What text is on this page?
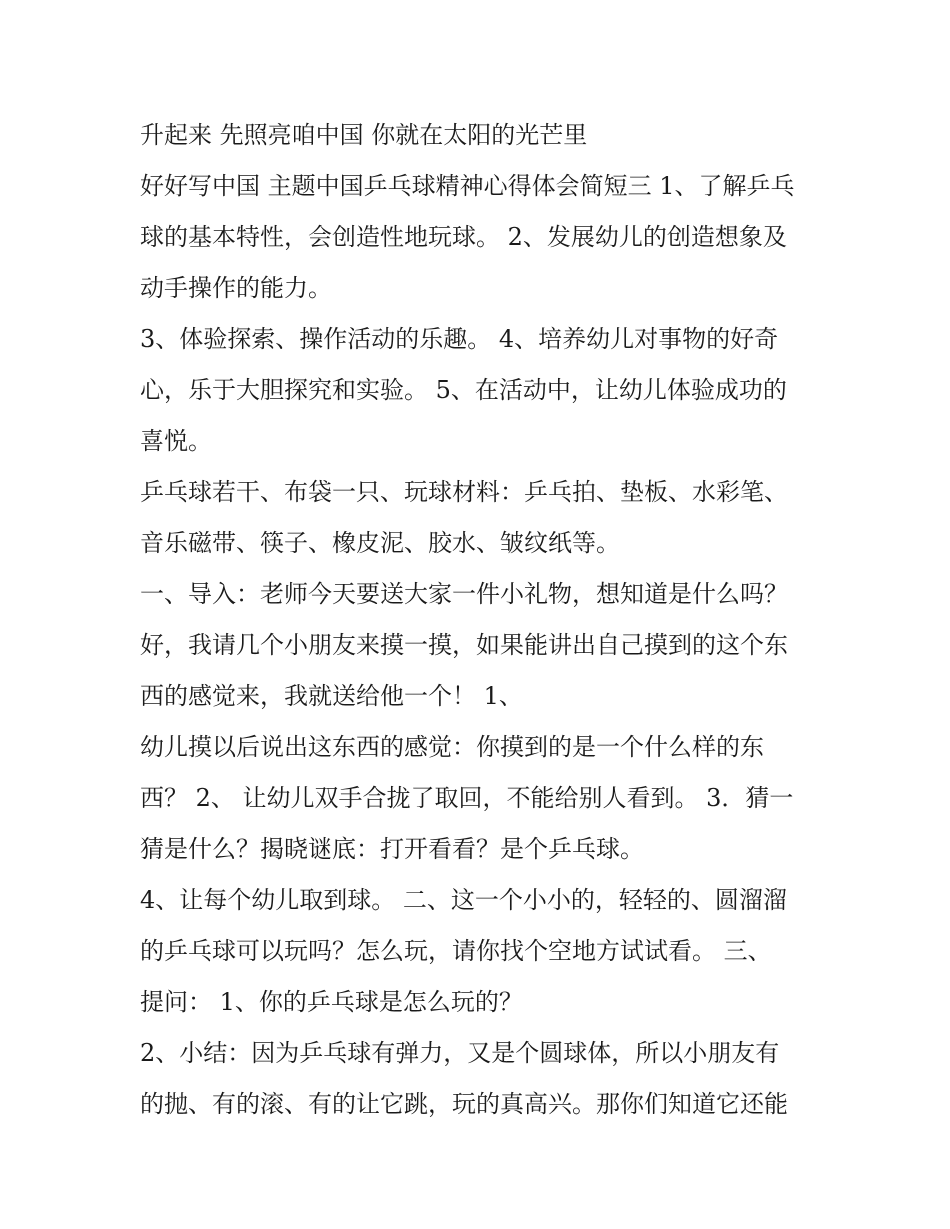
升起来 先照亮咱中国 你就在太阳的光芒里
好好写中国 主题中国乒乓球精神心得体会简短三 1、了解乒乓
球的基本特性，会创造性地玩球。 2、发展幼儿的创造想象及
动手操作的能力。
3、体验探索、操作活动的乐趣。 4、培养幼儿对事物的好奇
心，乐于大胆探究和实验。 5、在活动中，让幼儿体验成功的
喜悦。
乒乓球若干、布袋一只、玩球材料：乒乓拍、垫板、水彩笔、
音乐磁带、筷子、橡皮泥、胶水、皱纹纸等。
一、导入：老师今天要送大家一件小礼物，想知道是什么吗？
好，我请几个小朋友来摸一摸，如果能讲出自己摸到的这个东
西的感觉来，我就送给他一个！ 1、
幼儿摸以后说出这东西的感觉：你摸到的是一个什么样的东
西？ 2、 让幼儿双手合拢了取回，不能给别人看到。 3．猜一
猜是什么？揭晓谜底：打开看看？是个乒乓球。
4、让每个幼儿取到球。 二、这一个小小的，轻轻的、圆溜溜
的乒乓球可以玩吗？怎么玩，请你找个空地方试试看。 三、
提问： 1、你的乒乓球是怎么玩的？
2、小结：因为乒乓球有弹力，又是个圆球体，所以小朋友有
的抛、有的滚、有的让它跳，玩的真高兴。那你们知道它还能
